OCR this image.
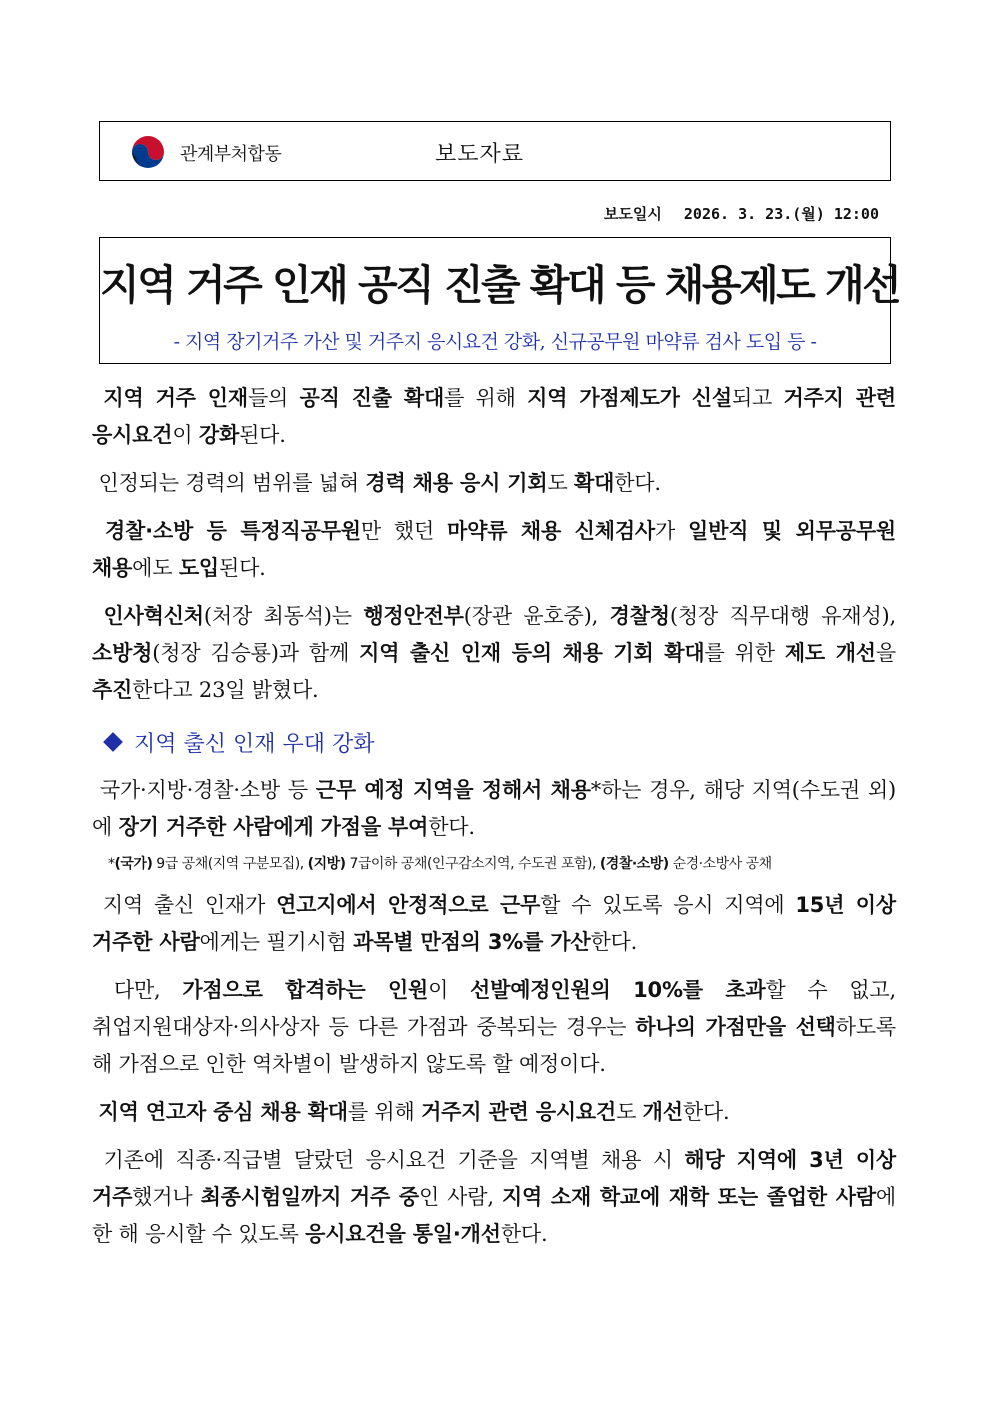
관계부처합동	보도자료
보도일시 2026. 3. 23.(월) 12:00
지역 거주 인재 공직 진출 확대 등 채용제도 개선
- 지역 장기거주 가산 및 거주지 응시요건 강화, 신규공무원 마약류 검사 도입 등 -

지역 거주 인재들의 공직 진출 확대를 위해 지역 가점제도가 신설되고 거주지 관련 응시요건이 강화된다.

인정되는 경력의 범위를 넓혀 경력 채용 응시 기회도 확대한다.

경찰·소방 등 특정직공무원만 했던 마약류 채용 신체검사가 일반직 및 외무공무원 채용에도 도입된다.

인사혁신처(처장 최동석)는 행정안전부(장관 윤호중), 경찰청(청장 직무대행 유재성), 소방청(청장 김승룡)과 함께 지역 출신 인재 등의 채용 기회 확대를 위한 제도 개선을 추진한다고 23일 밝혔다.

지역 출신 인재 우대 강화

국가·지방·경찰·소방 등 근무 예정 지역을 정해서 채용*하는 경우, 해당 지역(수도권 외)에 장기 거주한 사람에게 가점을 부여한다.

*(국가) 9급 공채(지역 구분모집), (지방) 7급이하 공채(인구감소지역, 수도권 포함), (경찰·소방) 순경·소방사 공채

지역 출신 인재가 연고지에서 안정적으로 근무할 수 있도록 응시 지역에 15년 이상 거주한 사람에게는 필기시험 과목별 만점의 3%를 가산한다.

다만, 가점으로 합격하는 인원이 선발예정인원의 10%를 초과할 수 없고, 취업지원대상자·의사상자 등 다른 가점과 중복되는 경우는 하나의 가점만을 선택하도록 해 가점으로 인한 역차별이 발생하지 않도록 할 예정이다.

지역 연고자 중심 채용 확대를 위해 거주지 관련 응시요건도 개선한다.

기존에 직종·직급별 달랐던 응시요건 기준을 지역별 채용 시 해당 지역에 3년 이상 거주했거나 최종시험일까지 거주 중인 사람, 지역 소재 학교에 재학 또는 졸업한 사람에 한 해 응시할 수 있도록 응시요건을 통일·개선한다.
